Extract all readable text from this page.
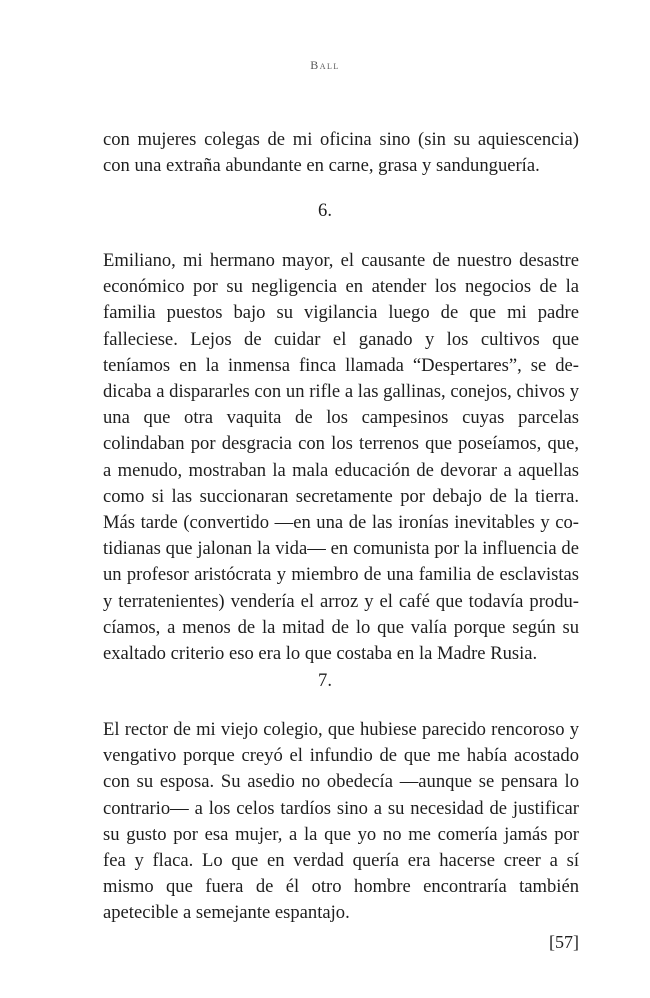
Ball

con mujeres colegas de mi oficina sino (sin su aquiescencia) con una extraña abundante en carne, grasa y sandunguería.

6.

Emiliano, mi hermano mayor, el causante de nuestro desastre económico por su negligencia en atender los negocios de la familia puestos bajo su vigilancia luego de que mi padre falleciese. Lejos de cuidar el ganado y los cultivos que teníamos en la inmensa finca llamada “Despertares”, se dedicaba a dispararles con un rifle a las gallinas, conejos, chivos y una que otra vaquita de los campesinos cuyas parcelas colindaban por desgracia con los terrenos que poseíamos, que, a menudo, mostraban la mala educación de devorar a aquellas como si las succionaran secretamente por debajo de la tierra. Más tarde (convertido —en una de las ironías inevitables y cotidianas que jalonan la vida— en comunista por la influencia de un profesor aristócrata y miembro de una familia de esclavistas y terratenientes) vendería el arroz y el café que todavía producíamos, a menos de la mitad de lo que valía porque según su exaltado criterio eso era lo que costaba en la Madre Rusia.

7.

El rector de mi viejo colegio, que hubiese parecido rencoroso y vengativo porque creyó el infundio de que me había acostado con su esposa. Su asedio no obedecía —aunque se pensara lo contrario— a los celos tardíos sino a su necesidad de justificar su gusto por esa mujer, a la que yo no me comería jamás por fea y flaca. Lo que en verdad quería era hacerse creer a sí mismo que fuera de él otro hombre encontraría también apetecible a semejante espantajo.

[57]
